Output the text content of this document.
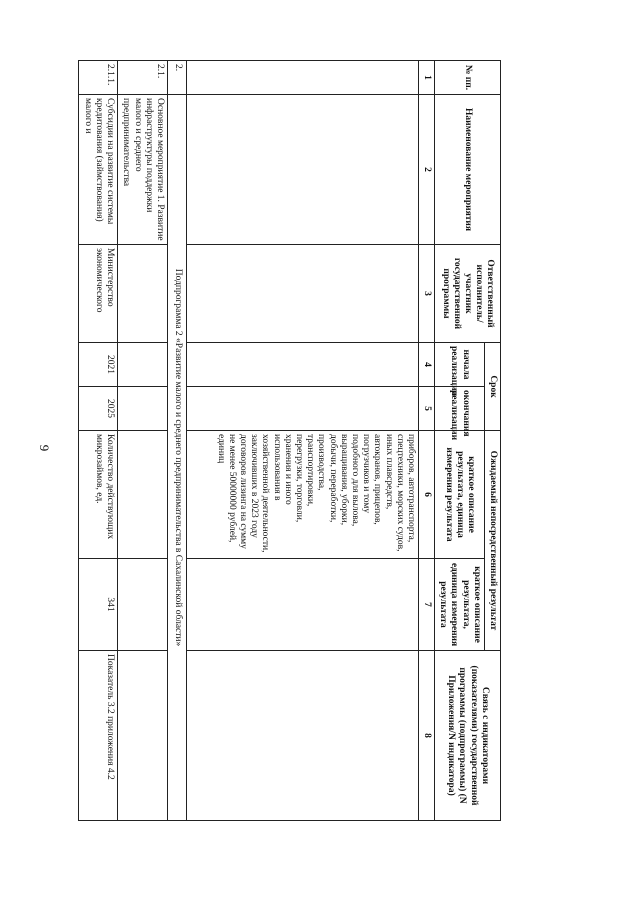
9
№ пп.	Наименование мероприятия	Ответственный исполнитель/участник государственной программы	Срок		Ожидаемый непосредственный результат		Связь с индикаторами (показателями) государственной программы (подпрограммы) (N Приложения/N индикатора)
			начала реализации	окончания реализации	краткое описание результата, единица измерения результата	краткое описание результата, единица измерения результата	
1	2	3	4	5	6	7	8
					приборов, автотранспорта, спецтехники, морских судов, иных плавсредств, автокранов, прицепов, погрузчиков и тому подобного для вылова, выращивания, уборки, добычи, переработки, производства, транспортировки, перегрузки, торговли, хранения и иного использования в хозяйственной деятельности, заключивших в 2023 году договоров лизинга на сумму не менее 50000000 рублей, единиц		
2.	Подпрограмма 2 «Развитие малого и среднего предпринимательства в Сахалинской области»						
2.1.	Основное мероприятие 1. Развитие инфраструктуры поддержки малого и среднего предпринимательства						
2.1.1.	Субсидии на развитие системы кредитования (займствования) малого и	Министерство экономического	2021	2025	Количество действующих микрозаймов, ед.	341	Показатель 3.2 приложения 4.2
